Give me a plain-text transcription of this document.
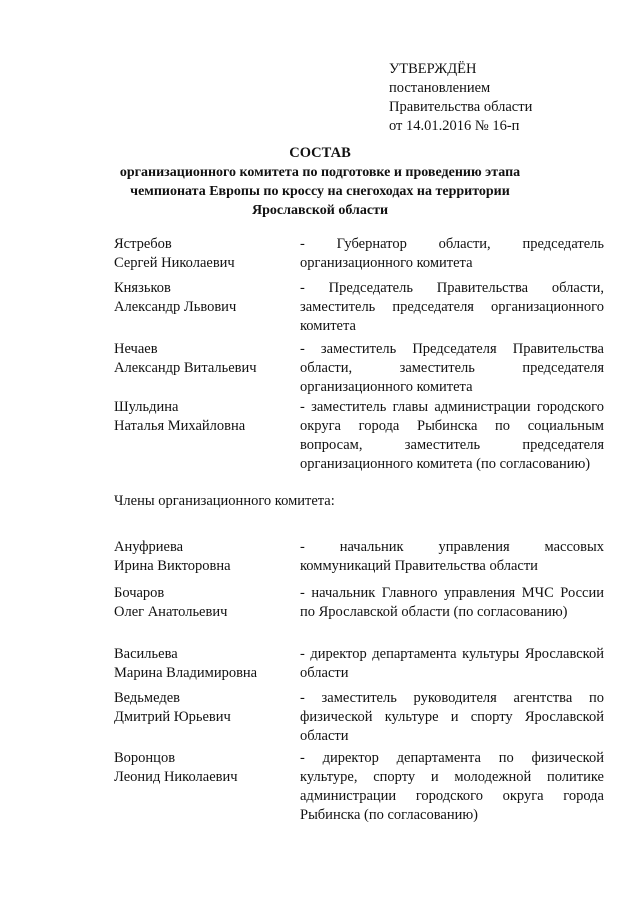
УТВЕРЖДЁН
постановлением
Правительства области
от 14.01.2016 № 16-п
СОСТАВ
организационного комитета по подготовке и проведению этапа чемпионата Европы по кроссу на снегоходах на территории Ярославской области
Ястребов
Сергей Николаевич
- Губернатор области, председатель организационного комитета
Князьков
Александр Львович
- Председатель Правительства области, заместитель председателя организационного комитета
Нечаев
Александр Витальевич
- заместитель Председателя Правительства области, заместитель председателя организационного комитета
Шульдина
Наталья Михайловна
- заместитель главы администрации городского округа города Рыбинска по социальным вопросам, заместитель председателя организационного комитета (по согласованию)
Члены организационного комитета:
Ануфриева
Ирина Викторовна
- начальник управления массовых коммуникаций Правительства области
Бочаров
Олег Анатольевич
- начальник Главного управления МЧС России по Ярославской области (по согласованию)
Васильева
Марина Владимировна
- директор департамента культуры Ярославской области
Ведьмедев
Дмитрий Юрьевич
- заместитель руководителя агентства по физической культуре и спорту Ярославской области
Воронцов
Леонид Николаевич
- директор департамента по физической культуре, спорту и молодежной политике администрации городского округа города Рыбинска (по согласованию)
